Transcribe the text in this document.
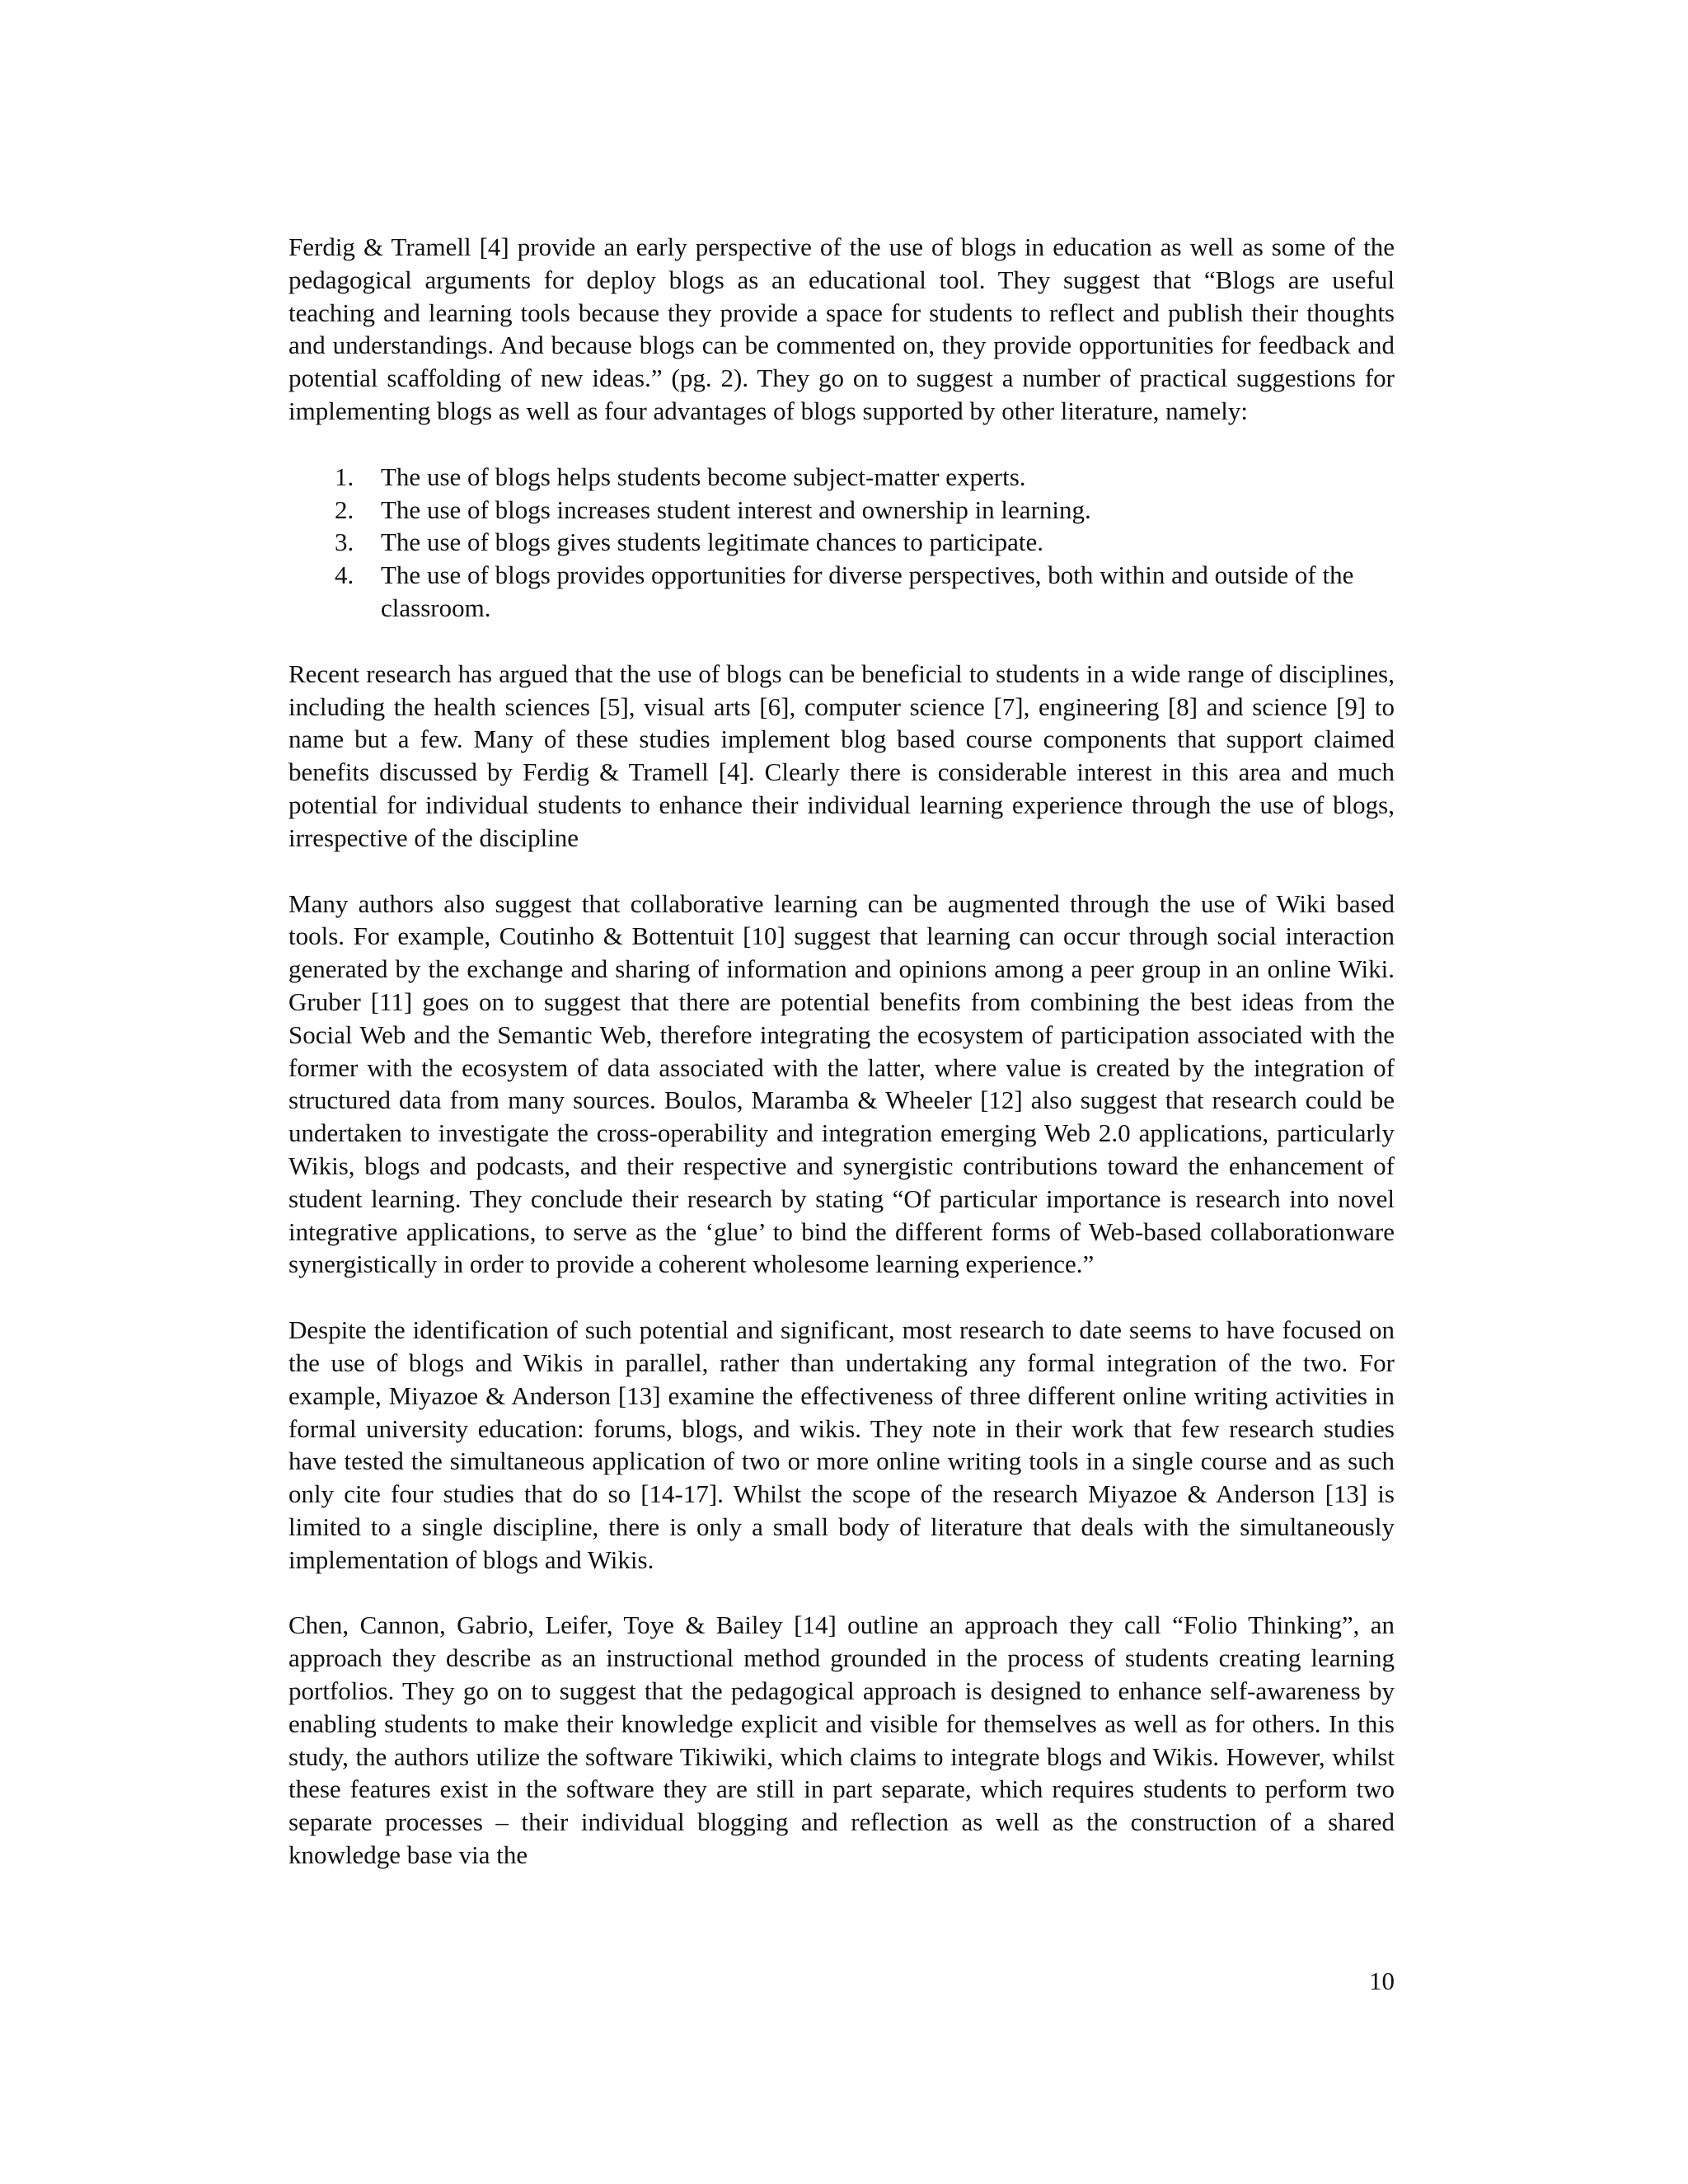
Ferdig & Tramell [4] provide an early perspective of the use of blogs in education as well as some of the pedagogical arguments for deploy blogs as an educational tool. They suggest that “Blogs are useful teaching and learning tools because they provide a space for students to reflect and publish their thoughts and understandings. And because blogs can be commented on, they provide opportunities for feedback and potential scaffolding of new ideas.” (pg. 2). They go on to suggest a number of practical suggestions for implementing blogs as well as four advantages of blogs supported by other literature, namely:

1. The use of blogs helps students become subject-matter experts.
2. The use of blogs increases student interest and ownership in learning.
3. The use of blogs gives students legitimate chances to participate.
4. The use of blogs provides opportunities for diverse perspectives, both within and outside of the classroom.

Recent research has argued that the use of blogs can be beneficial to students in a wide range of disciplines, including the health sciences [5], visual arts [6], computer science [7], engineering [8] and science [9] to name but a few. Many of these studies implement blog based course components that support claimed benefits discussed by Ferdig & Tramell [4]. Clearly there is considerable interest in this area and much potential for individual students to enhance their individual learning experience through the use of blogs, irrespective of the discipline

Many authors also suggest that collaborative learning can be augmented through the use of Wiki based tools. For example, Coutinho & Bottentuit [10] suggest that learning can occur through social interaction generated by the exchange and sharing of information and opinions among a peer group in an online Wiki. Gruber [11] goes on to suggest that there are potential benefits from combining the best ideas from the Social Web and the Semantic Web, therefore integrating the ecosystem of participation associated with the former with the ecosystem of data associated with the latter, where value is created by the integration of structured data from many sources. Boulos, Maramba & Wheeler [12] also suggest that research could be undertaken to investigate the cross-operability and integration emerging Web 2.0 applications, particularly Wikis, blogs and podcasts, and their respective and synergistic contributions toward the enhancement of student learning. They conclude their research by stating “Of particular importance is research into novel integrative applications, to serve as the ‘glue’ to bind the different forms of Web-based collaborationware synergistically in order to provide a coherent wholesome learning experience.”

Despite the identification of such potential and significant, most research to date seems to have focused on the use of blogs and Wikis in parallel, rather than undertaking any formal integration of the two. For example, Miyazoe & Anderson [13] examine the effectiveness of three different online writing activities in formal university education: forums, blogs, and wikis. They note in their work that few research studies have tested the simultaneous application of two or more online writing tools in a single course and as such only cite four studies that do so [14-17]. Whilst the scope of the research Miyazoe & Anderson [13] is limited to a single discipline, there is only a small body of literature that deals with the simultaneously implementation of blogs and Wikis.

Chen, Cannon, Gabrio, Leifer, Toye & Bailey [14] outline an approach they call “Folio Thinking”, an approach they describe as an instructional method grounded in the process of students creating learning portfolios. They go on to suggest that the pedagogical approach is designed to enhance self-awareness by enabling students to make their knowledge explicit and visible for themselves as well as for others. In this study, the authors utilize the software Tikiwiki, which claims to integrate blogs and Wikis. However, whilst these features exist in the software they are still in part separate, which requires students to perform two separate processes – their individual blogging and reflection as well as the construction of a shared knowledge base via the

10
